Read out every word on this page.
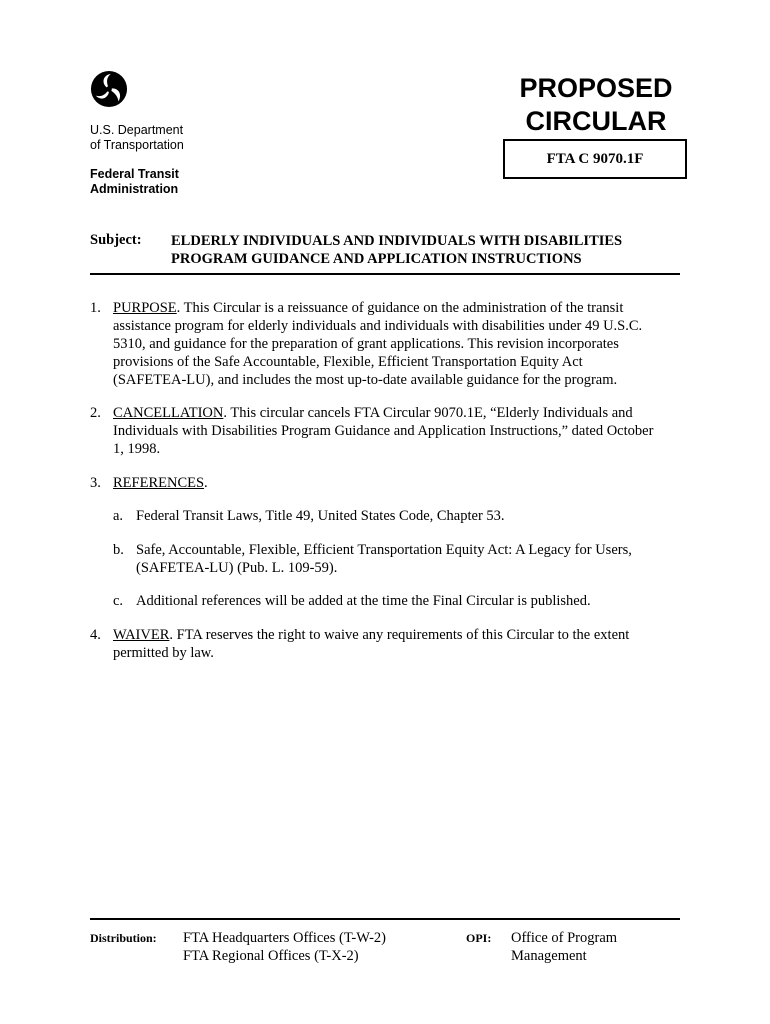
U.S. Department
of Transportation
Federal Transit
Administration
PROPOSED
CIRCULAR
FTA C 9070.1F
Subject: ELDERLY INDIVIDUALS AND INDIVIDUALS WITH DISABILITIES
PROGRAM GUIDANCE AND APPLICATION INSTRUCTIONS
1. PURPOSE. This Circular is a reissuance of guidance on the administration of the transit
assistance program for elderly individuals and individuals with disabilities under 49 U.S.C.
5310, and guidance for the preparation of grant applications. This revision incorporates
provisions of the Safe Accountable, Flexible, Efficient Transportation Equity Act
(SAFETEA-LU), and includes the most up-to-date available guidance for the program.
2. CANCELLATION. This circular cancels FTA Circular 9070.1E, “Elderly Individuals and
Individuals with Disabilities Program Guidance and Application Instructions,” dated October
1, 1998.
3. REFERENCES.
a. Federal Transit Laws, Title 49, United States Code, Chapter 53.
b. Safe, Accountable, Flexible, Efficient Transportation Equity Act: A Legacy for Users,
(SAFETEA-LU) (Pub. L. 109-59).
c. Additional references will be added at the time the Final Circular is published.
4. WAIVER. FTA reserves the right to waive any requirements of this Circular to the extent
permitted by law.
Distribution: FTA Headquarters Offices (T-W-2)
FTA Regional Offices (T-X-2)
OPI: Office of Program
Management
